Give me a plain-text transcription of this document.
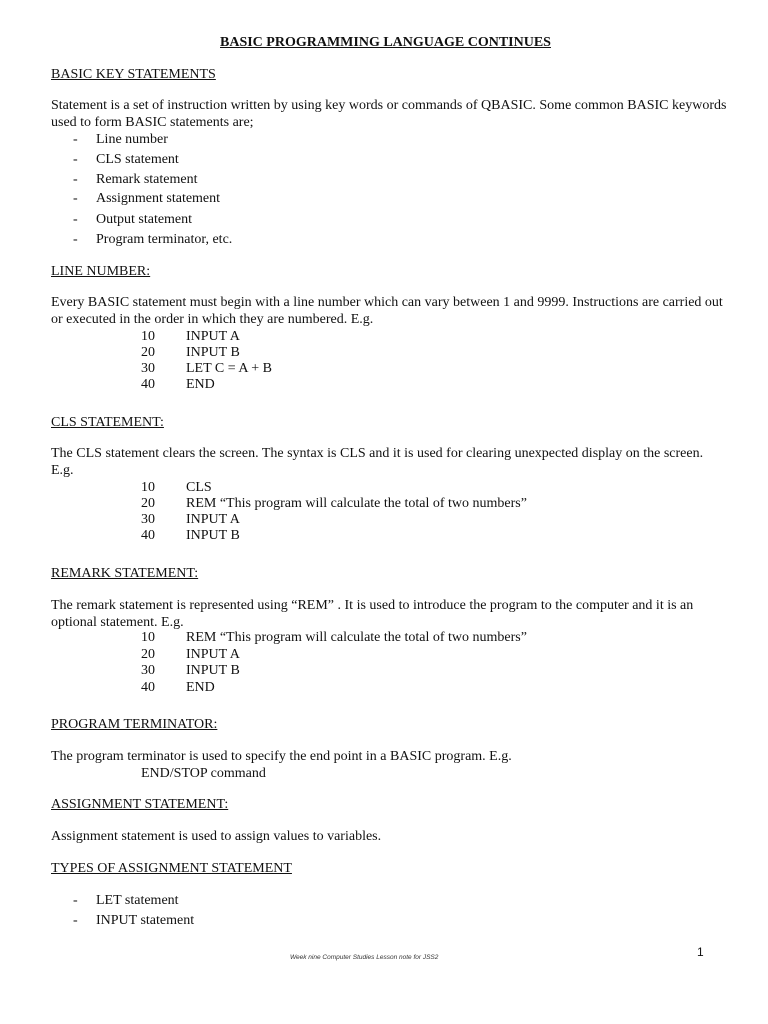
BASIC PROGRAMMING LANGUAGE CONTINUES
BASIC KEY STATEMENTS
Statement is a set of instruction written by using key words or commands of QBASIC. Some common BASIC keywords used to form BASIC statements are;
- Line number
- CLS statement
- Remark statement
- Assignment statement
- Output statement
- Program terminator, etc.
LINE NUMBER:
Every BASIC statement must begin with a line number which can vary between 1 and 9999. Instructions are carried out or executed in the order in which they are numbered. E.g.
10 INPUT A
20 INPUT B
30 LET C = A + B
40 END
CLS STATEMENT:
The CLS statement clears the screen. The syntax is CLS and it is used for clearing unexpected display on the screen. E.g.
10 CLS
20 REM “This program will calculate the total of two numbers”
30 INPUT A
40 INPUT B
REMARK STATEMENT:
The remark statement is represented using “REM” . It is used to introduce the program to the computer and it is an optional statement. E.g.
10 REM “This program will calculate the total of two numbers”
20 INPUT A
30 INPUT B
40 END
PROGRAM TERMINATOR:
The program terminator is used to specify the end point in a BASIC program. E.g.
END/STOP command
ASSIGNMENT STATEMENT:
Assignment statement is used to assign values to variables.
TYPES OF ASSIGNMENT STATEMENT
- LET statement
- INPUT statement
Week nine Computer Studies Lesson note for JSS2	1
